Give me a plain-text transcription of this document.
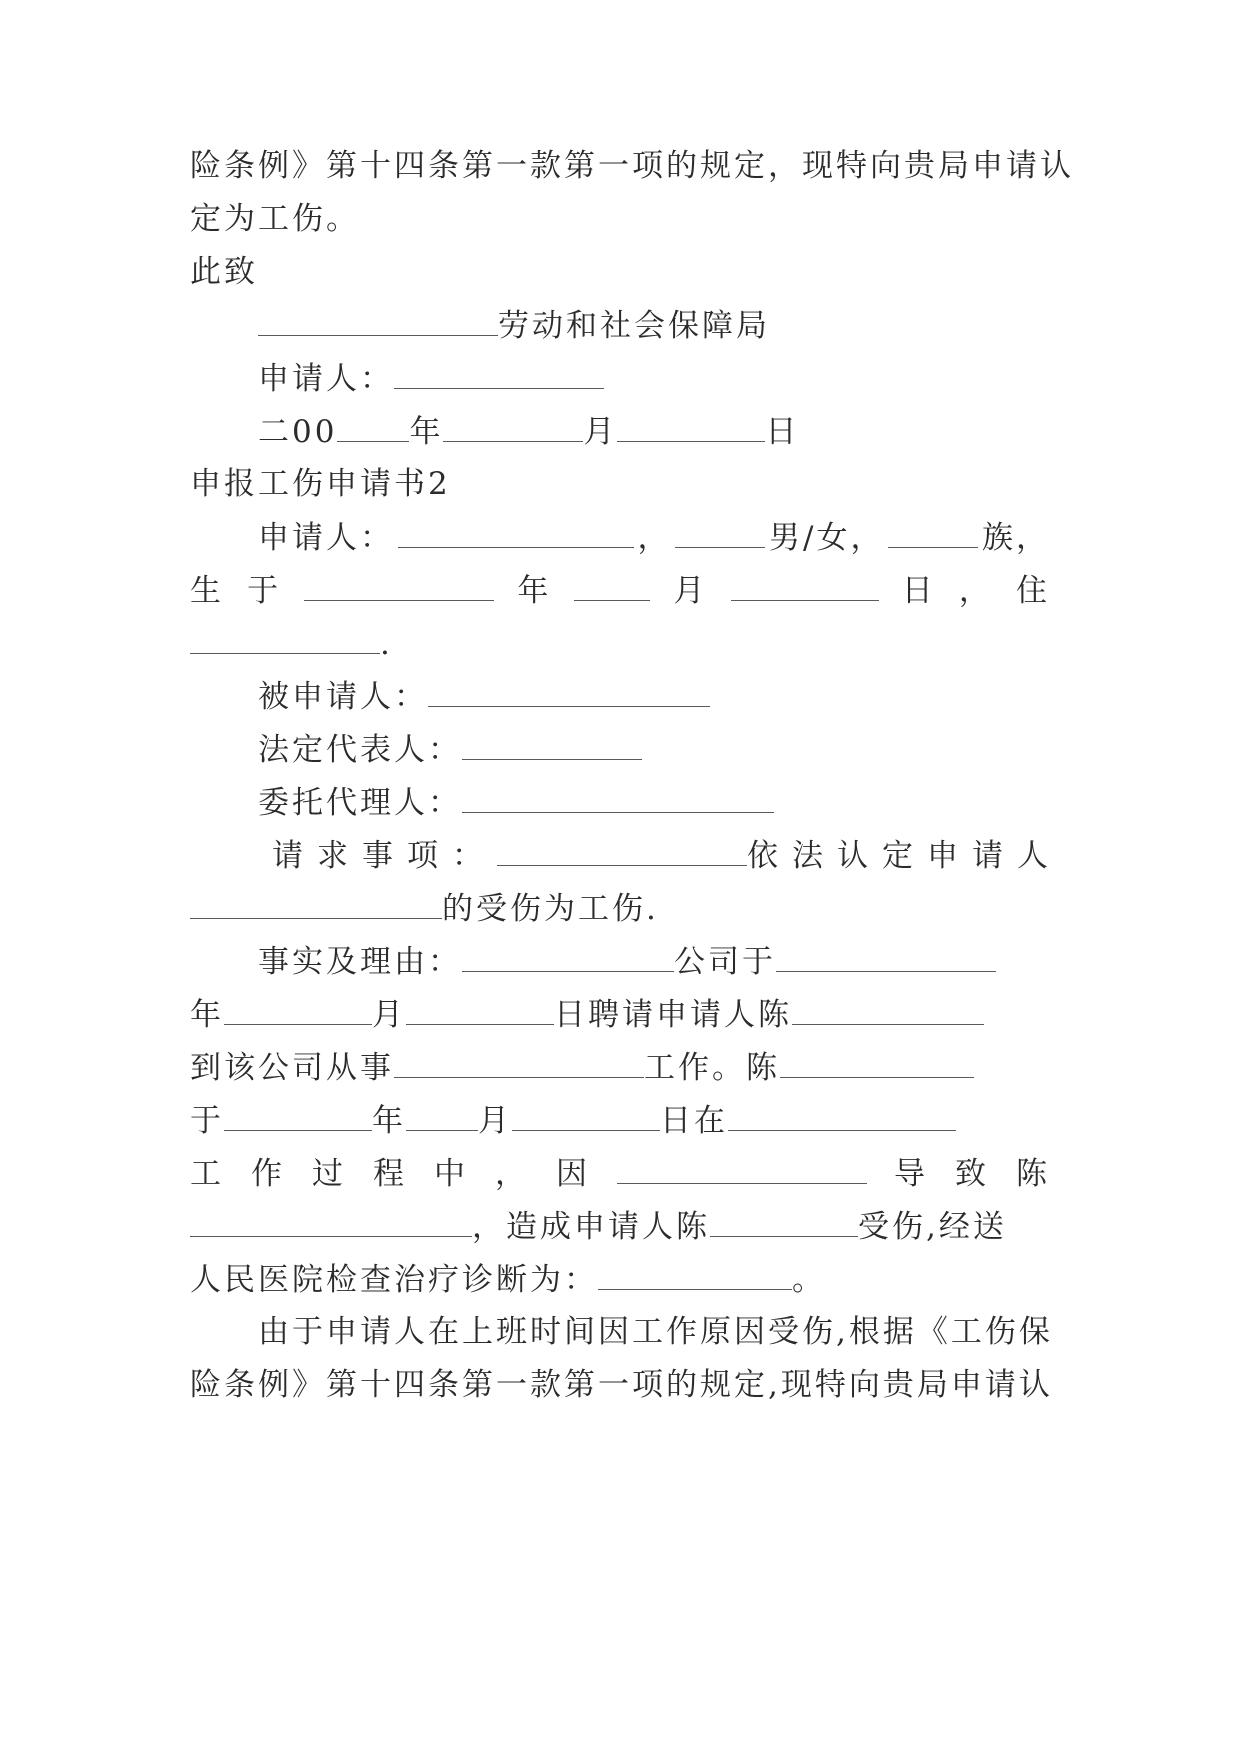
险条例》第十四条第一款第一项的规定，现特向贵局申请认
定为工伤。
此致
劳动和社会保障局
申请人：
二00 年	月	日
申报工伤申请书2
申请人：	，	男/女，	族，
生 于	年	月	日 ， 住
.
被申请人：
法定代表人：
委托代理人：
请求事项：	依法认定申请人
的受伤为工伤.
事实及理由：	公司于
年	月	日聘请申请人陈
到该公司从事	工作。陈
于	年 月	日在
工 作 过 程 中 ， 因	导 致 陈
，造成申请人陈	受伤,经送
人民医院检查治疗诊断为：	。
由于申请人在上班时间因工作原因受伤,根据《工伤保
险条例》第十四条第一款第一项的规定,现特向贵局申请认
